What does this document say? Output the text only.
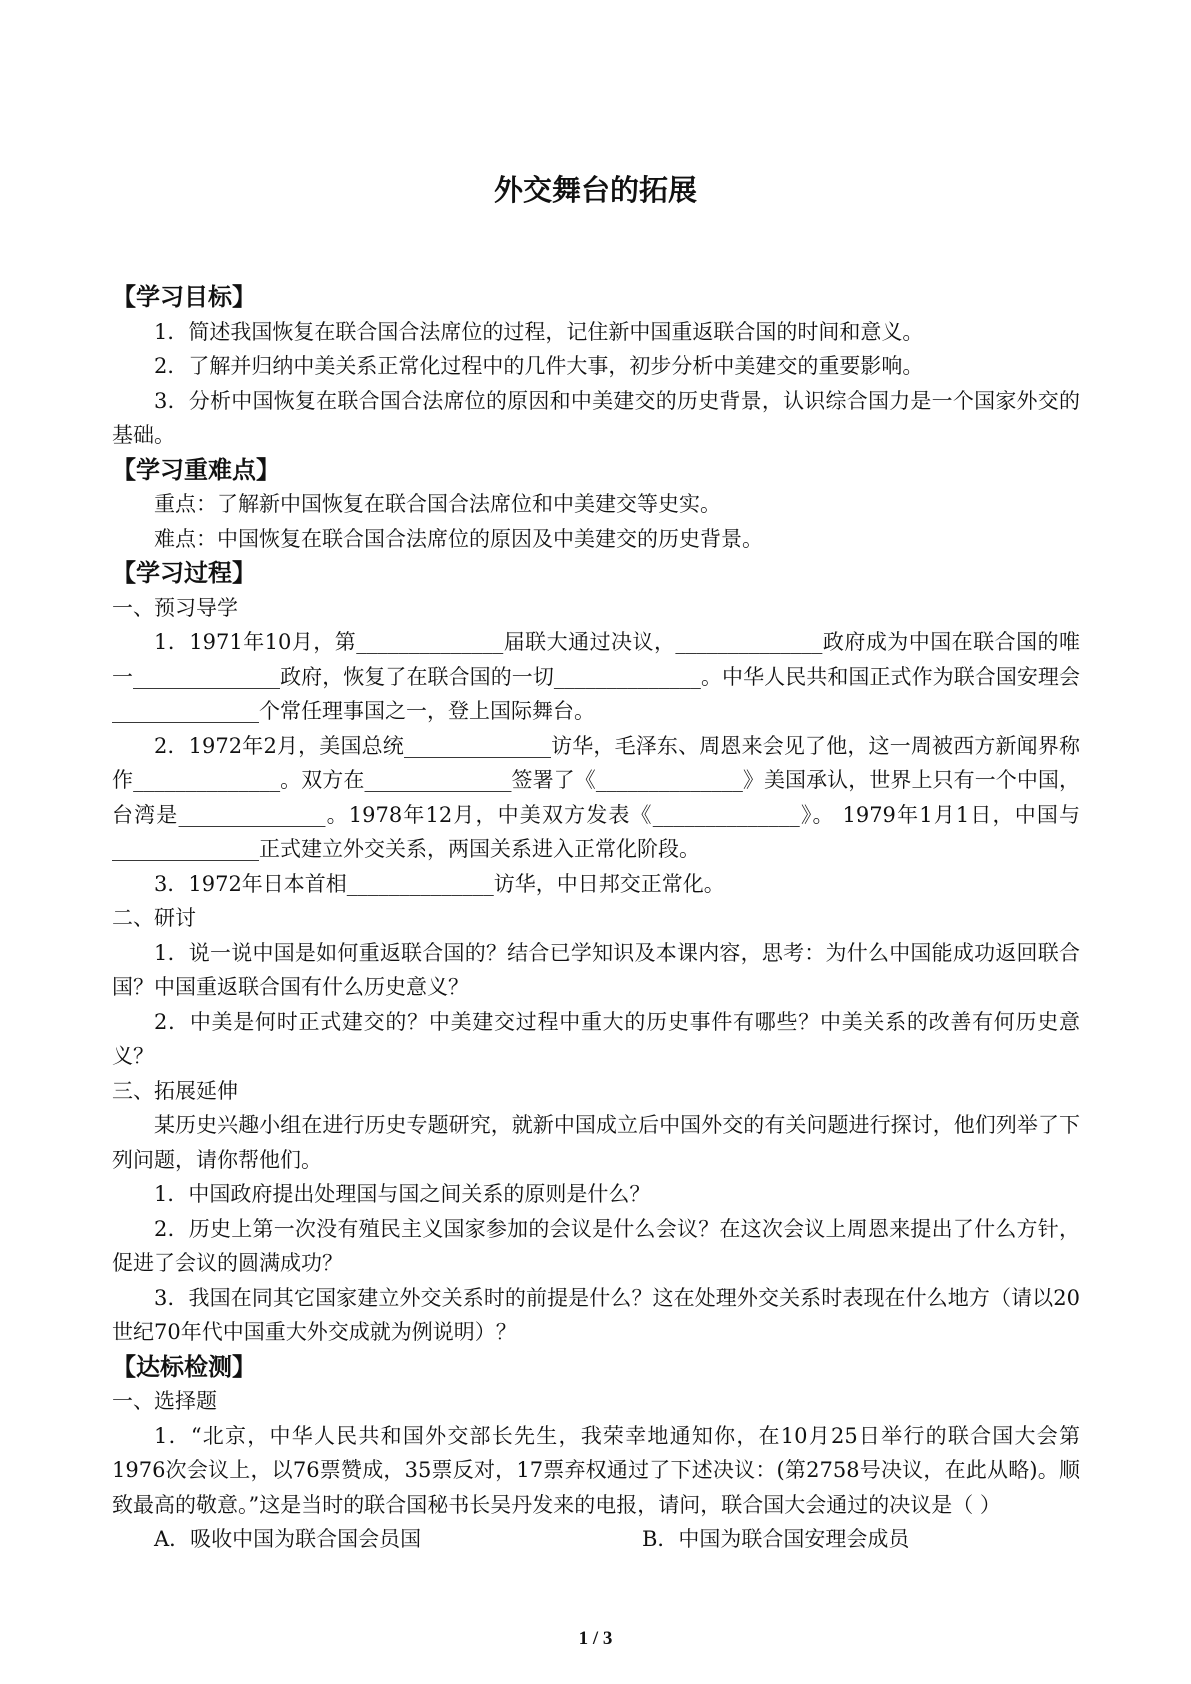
外交舞台的拓展

【学习目标】

1．简述我国恢复在联合国合法席位的过程，记住新中国重返联合国的时间和意义。

2．了解并归纳中美关系正常化过程中的几件大事，初步分析中美建交的重要影响。

3．分析中国恢复在联合国合法席位的原因和中美建交的历史背景，认识综合国力是一个国家外交的基础。

【学习重难点】

重点：了解新中国恢复在联合国合法席位和中美建交等史实。

难点：中国恢复在联合国合法席位的原因及中美建交的历史背景。

【学习过程】

一、预习导学

1．1971年10月，第______________届联大通过决议，______________政府成为中国在联合国的唯一______________政府，恢复了在联合国的一切______________。中华人民共和国正式作为联合国安理会______________个常任理事国之一，登上国际舞台。

2．1972年2月，美国总统______________访华，毛泽东、周恩来会见了他，这一周被西方新闻界称作______________。双方在______________签署了《______________》美国承认，世界上只有一个中国，台湾是______________。1978年12月，中美双方发表《______________》。 1979年1月1日，中国与______________正式建立外交关系，两国关系进入正常化阶段。

3．1972年日本首相______________访华，中日邦交正常化。

二、研讨

1．说一说中国是如何重返联合国的？结合已学知识及本课内容，思考：为什么中国能成功返回联合国？中国重返联合国有什么历史意义？

2．中美是何时正式建交的？中美建交过程中重大的历史事件有哪些？中美关系的改善有何历史意义？

三、拓展延伸

某历史兴趣小组在进行历史专题研究，就新中国成立后中国外交的有关问题进行探讨，他们列举了下列问题，请你帮他们。

1．中国政府提出处理国与国之间关系的原则是什么？

2．历史上第一次没有殖民主义国家参加的会议是什么会议？在这次会议上周恩来提出了什么方针，促进了会议的圆满成功？

3．我国在同其它国家建立外交关系时的前提是什么？这在处理外交关系时表现在什么地方（请以20世纪70年代中国重大外交成就为例说明）？

【达标检测】

一、选择题

1．“北京，中华人民共和国外交部长先生，我荣幸地通知你，在10月25日举行的联合国大会第1976次会议上，以76票赞成，35票反对，17票弃权通过了下述决议：(第2758号决议，在此从略)。顺致最高的敬意。”这是当时的联合国秘书长吴丹发来的电报，请问，联合国大会通过的决议是（ ）

A．吸收中国为联合国会员国	B．中国为联合国安理会成员
1 / 3
